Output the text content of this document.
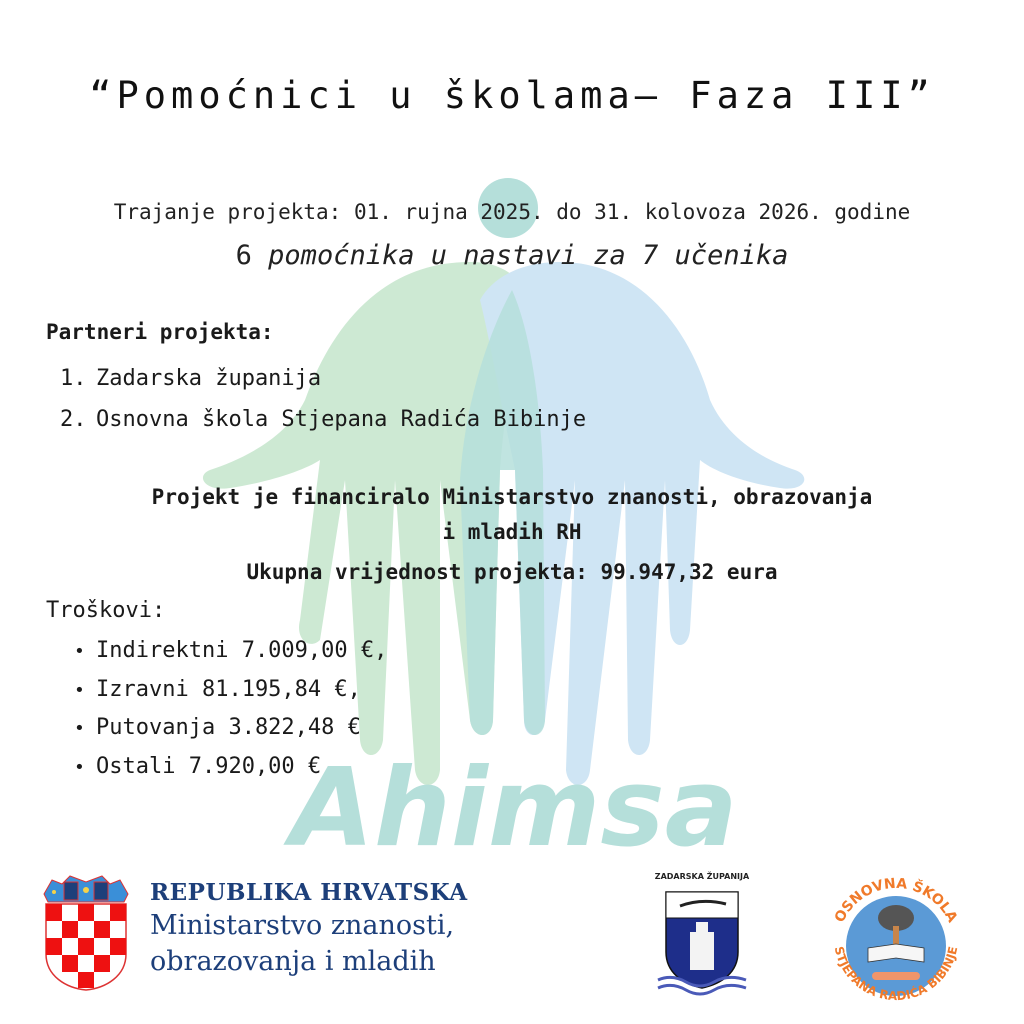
Ahimsa
“Pomoćnici u školama– Faza III”
Trajanje projekta: 01. rujna 2025. do 31. kolovoza 2026. godine
6 pomoćnika u nastavi za 7 učenika
Partneri projekta:
1. Zadarska županija
2. Osnovna škola Stjepana Radića Bibinje
Projekt je financiralo Ministarstvo znanosti, obrazovanja
i mladih RH
Ukupna vrijednost projekta: 99.947,32 eura
Troškovi:
• Indirektni 7.009,00 €,
• Izravni 81.195,84 €,
• Putovanja 3.822,48 €
• Ostali 7.920,00 €
REPUBLIKA HRVATSKA
Ministarstvo znanosti,
obrazovanja i mladih
ZADARSKA ŽUPANIJA
OSNOVNA ŠKOLA
STJEPANA RADIĆA BIBINJE
